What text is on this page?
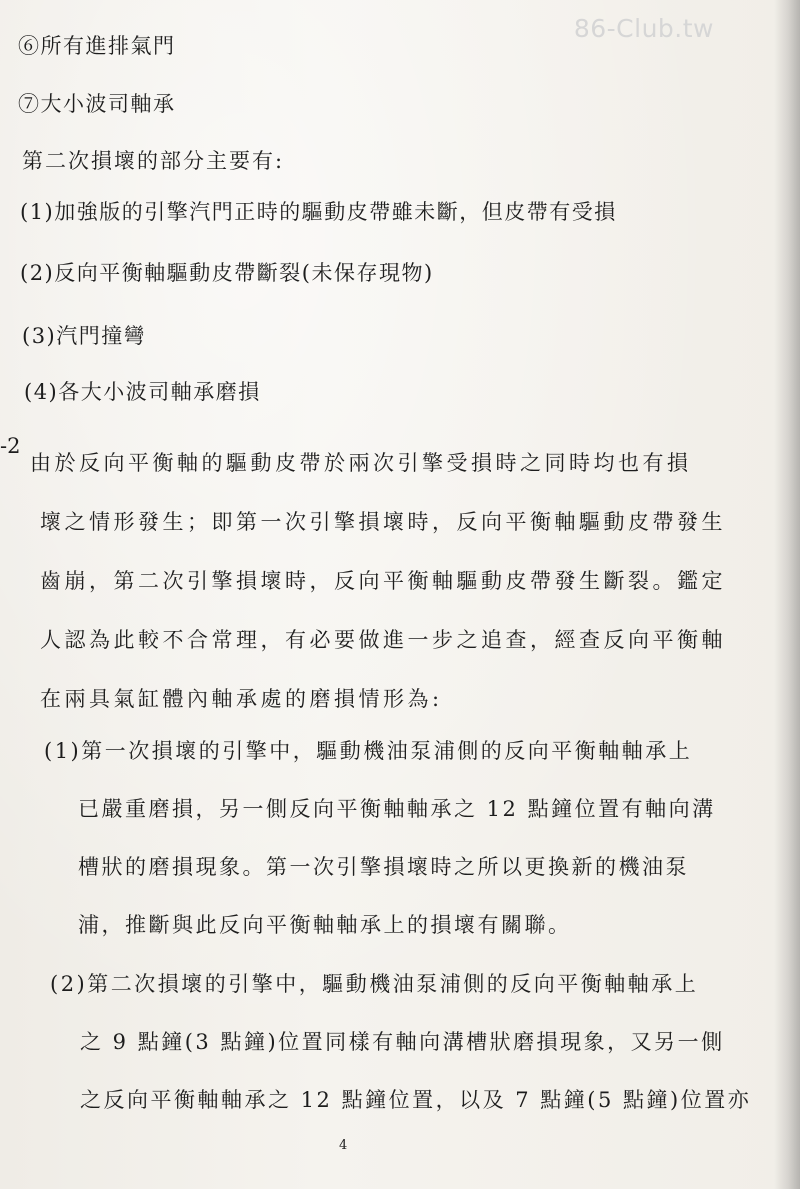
86-Club.tw
⑥所有進排氣門
⑦大小波司軸承
第二次損壞的部分主要有:
(1)加強版的引擎汽門正時的驅動皮帶雖未斷，但皮帶有受損
(2)反向平衡軸驅動皮帶斷裂(未保存現物)
(3)汽門撞彎
(4)各大小波司軸承磨損
-2
由於反向平衡軸的驅動皮帶於兩次引擎受損時之同時均也有損
壞之情形發生；即第一次引擎損壞時，反向平衡軸驅動皮帶發生
齒崩，第二次引擎損壞時，反向平衡軸驅動皮帶發生斷裂。鑑定
人認為此較不合常理，有必要做進一步之追查，經查反向平衡軸
在兩具氣缸體內軸承處的磨損情形為:
(1)第一次損壞的引擎中，驅動機油泵浦側的反向平衡軸軸承上
已嚴重磨損，另一側反向平衡軸軸承之 12 點鐘位置有軸向溝
槽狀的磨損現象。第一次引擎損壞時之所以更換新的機油泵
浦，推斷與此反向平衡軸軸承上的損壞有關聯。
(2)第二次損壞的引擎中，驅動機油泵浦側的反向平衡軸軸承上
之 9 點鐘(3 點鐘)位置同樣有軸向溝槽狀磨損現象，又另一側
之反向平衡軸軸承之 12 點鐘位置，以及 7 點鐘(5 點鐘)位置亦
4
